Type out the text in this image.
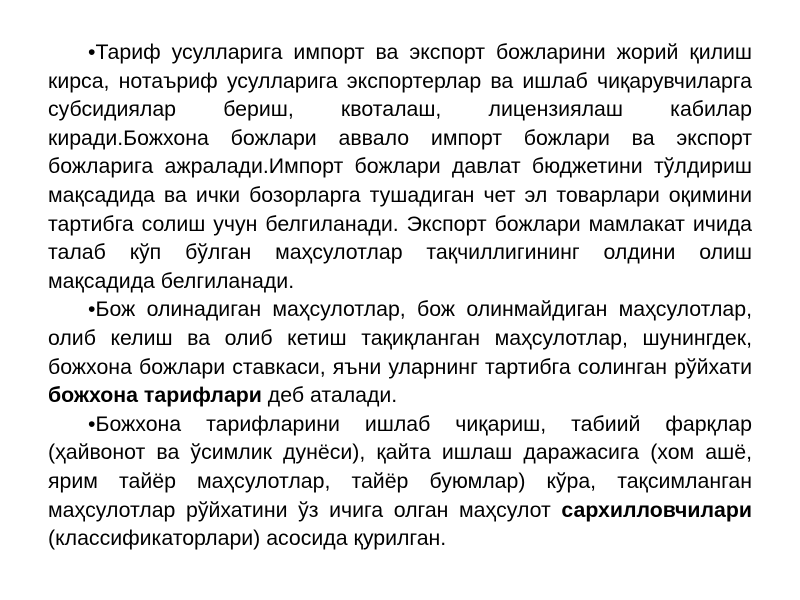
•Тариф усулларига импорт ва экспорт божларини жорий қилиш кирса, нотаъриф усулларига экспортерлар ва ишлаб чиқарувчиларга субсидиялар бериш, квоталаш, лицензиялаш кабилар киради.Божхона божлари аввало импорт божлари ва экспорт божларига ажралади.Импорт божлари давлат бюджетини тўлдириш мақсадида ва ички бозорларга тушадиган чет эл товарлари оқимини тартибга солиш учун белгиланади. Экспорт божлари мамлакат ичида талаб кўп бўлган маҳсулотлар тақчиллигининг олдини олиш мақсадида белгиланади.

•Бож олинадиган маҳсулотлар, бож олинмайдиган маҳсулотлар, олиб келиш ва олиб кетиш тақиқланган маҳсулотлар, шунингдек, божхона божлари ставкаси, яъни уларнинг тартибга солинган рўйхати божхона тарифлари деб аталади.

•Божхона тарифларини ишлаб чиқариш, табиий фарқлар (ҳайвонот ва ўсимлик дунёси), қайта ишлаш даражасига (хом ашё, ярим тайёр маҳсулотлар, тайёр буюмлар) кўра, тақсимланган маҳсулотлар рўйхатини ўз ичига олган маҳсулот сархилловчилари (классификаторлари) асосида қурилган.
